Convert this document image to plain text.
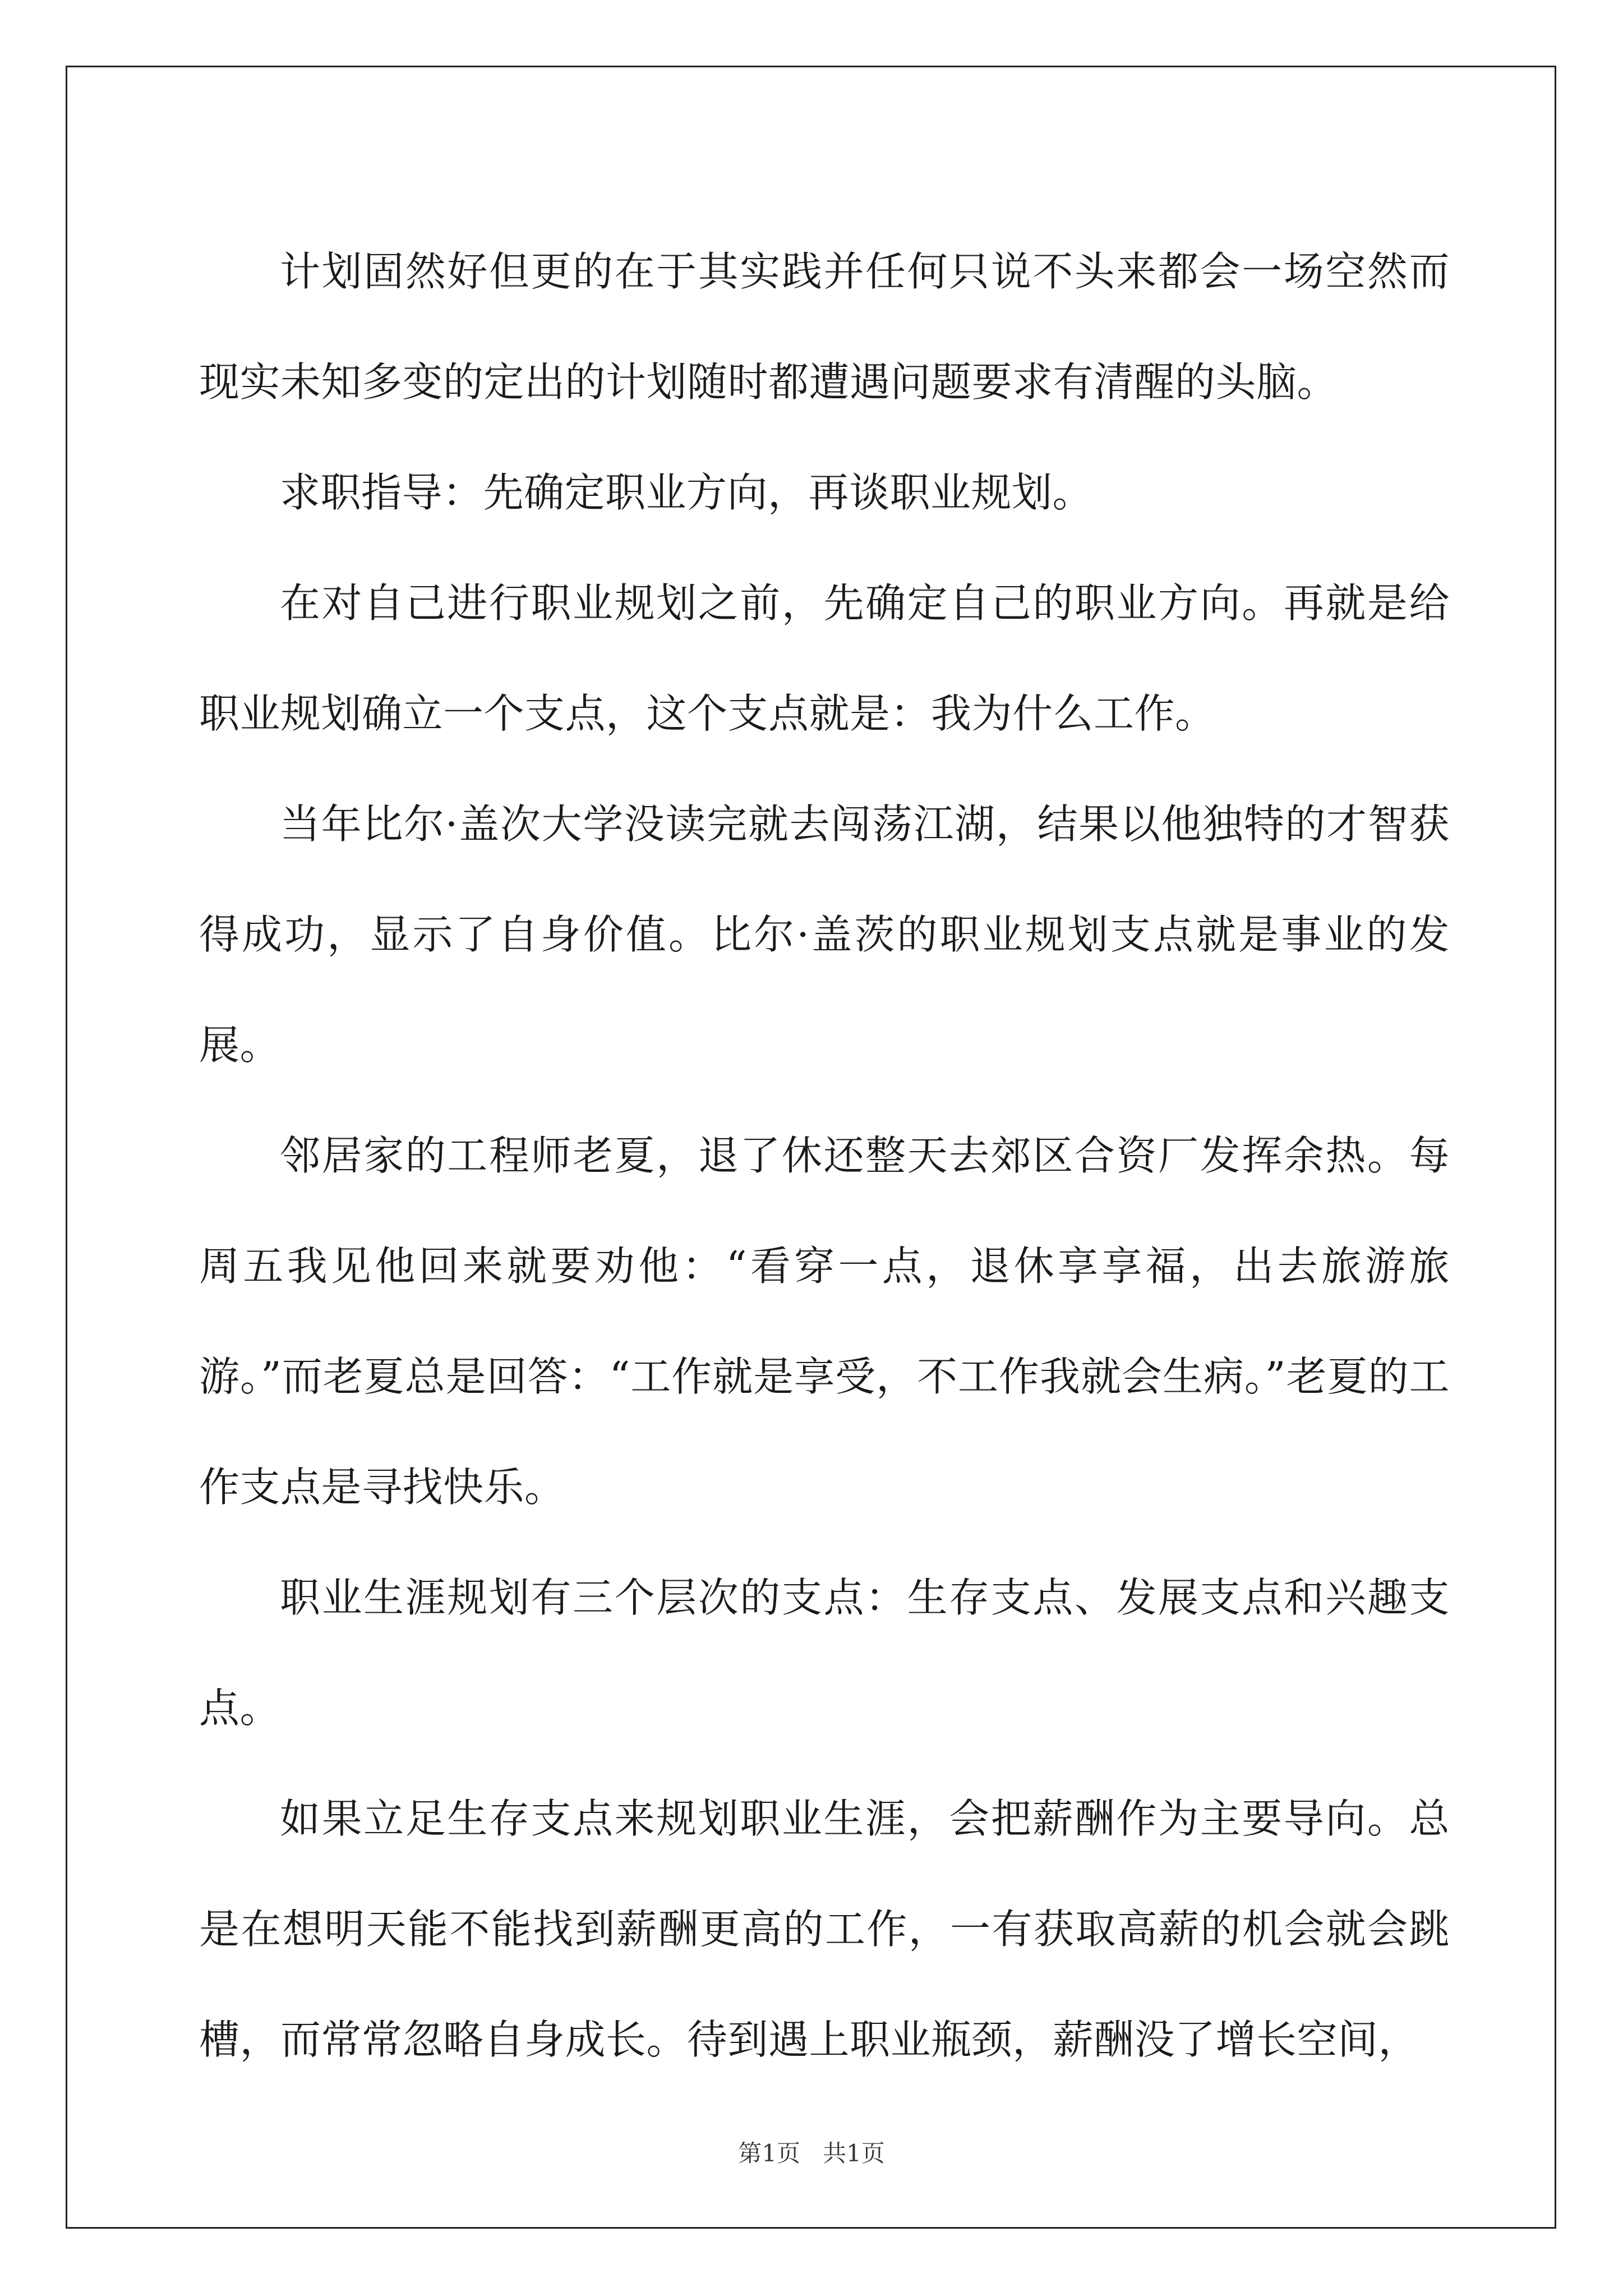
计划固然好但更的在于其实践并任何只说不头来都会一场空然而现实未知多变的定出的计划随时都遭遇问题要求有清醒的头脑。

求职指导：先确定职业方向，再谈职业规划。

在对自己进行职业规划之前，先确定自己的职业方向。再就是给职业规划确立一个支点，这个支点就是：我为什么工作。

当年比尔·盖次大学没读完就去闯荡江湖，结果以他独特的才智获得成功，显示了自身价值。比尔·盖茨的职业规划支点就是事业的发展。

邻居家的工程师老夏，退了休还整天去郊区合资厂发挥余热。每周五我见他回来就要劝他：“看穿一点，退休享享福，出去旅游旅游。”而老夏总是回答：“工作就是享受，不工作我就会生病。”老夏的工作支点是寻找快乐。

职业生涯规划有三个层次的支点：生存支点、发展支点和兴趣支点。

如果立足生存支点来规划职业生涯，会把薪酬作为主要导向。总是在想明天能不能找到薪酬更高的工作，一有获取高薪的机会就会跳槽，而常常忽略自身成长。待到遇上职业瓶颈，薪酬没了增长空间，

第1页   共1页
